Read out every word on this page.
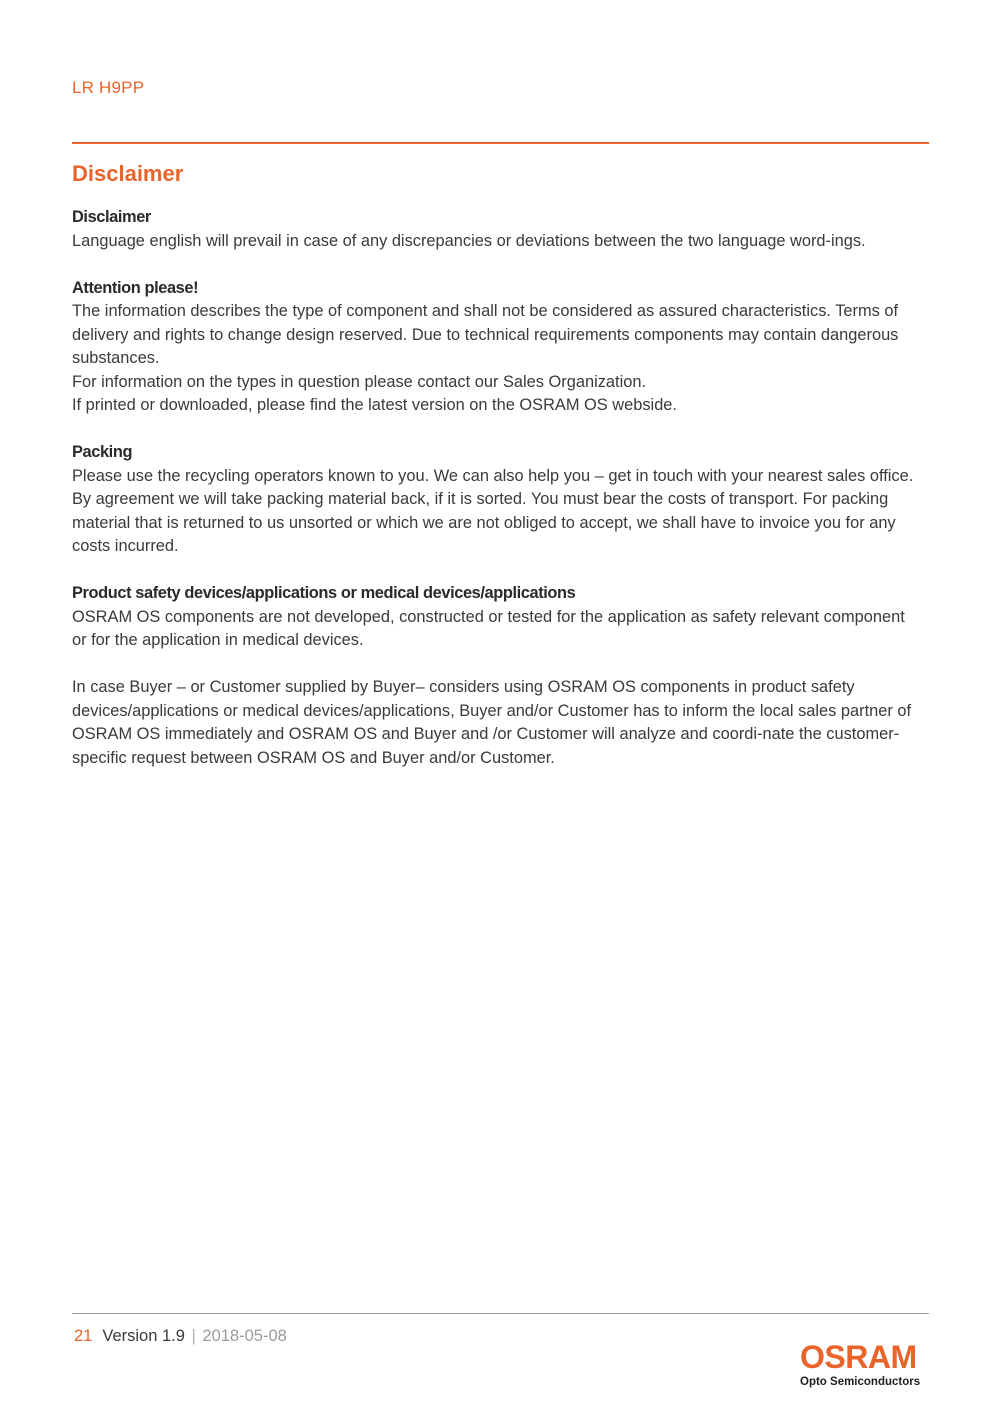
LR H9PP
Disclaimer
Disclaimer

Language english will prevail in case of any discrepancies or deviations between the two language word-ings.

Attention please!

The information describes the type of component and shall not be considered as assured characteristics. Terms of delivery and rights to change design reserved. Due to technical requirements components may contain dangerous substances.

For information on the types in question please contact our Sales Organization.

If printed or downloaded, please find the latest version on the OSRAM OS webside.

Packing

Please use the recycling operators known to you. We can also help you – get in touch with your nearest sales office.

By agreement we will take packing material back, if it is sorted. You must bear the costs of transport. For packing material that is returned to us unsorted or which we are not obliged to accept, we shall have to invoice you for any costs incurred.

Product safety devices/applications or medical devices/applications

OSRAM OS components are not developed, constructed or tested for the application as safety relevant component or for the application in medical devices.

In case Buyer – or Customer supplied by Buyer– considers using OSRAM OS components in product safety devices/applications or medical devices/applications, Buyer and/or Customer has to inform the local sales partner of OSRAM OS immediately and OSRAM OS and Buyer and /or Customer will analyze and coordi-nate the customer-specific request between OSRAM OS and Buyer and/or Customer.

21 Version 1.9 | 2018-05-08
OSRAM
Opto Semiconductors
